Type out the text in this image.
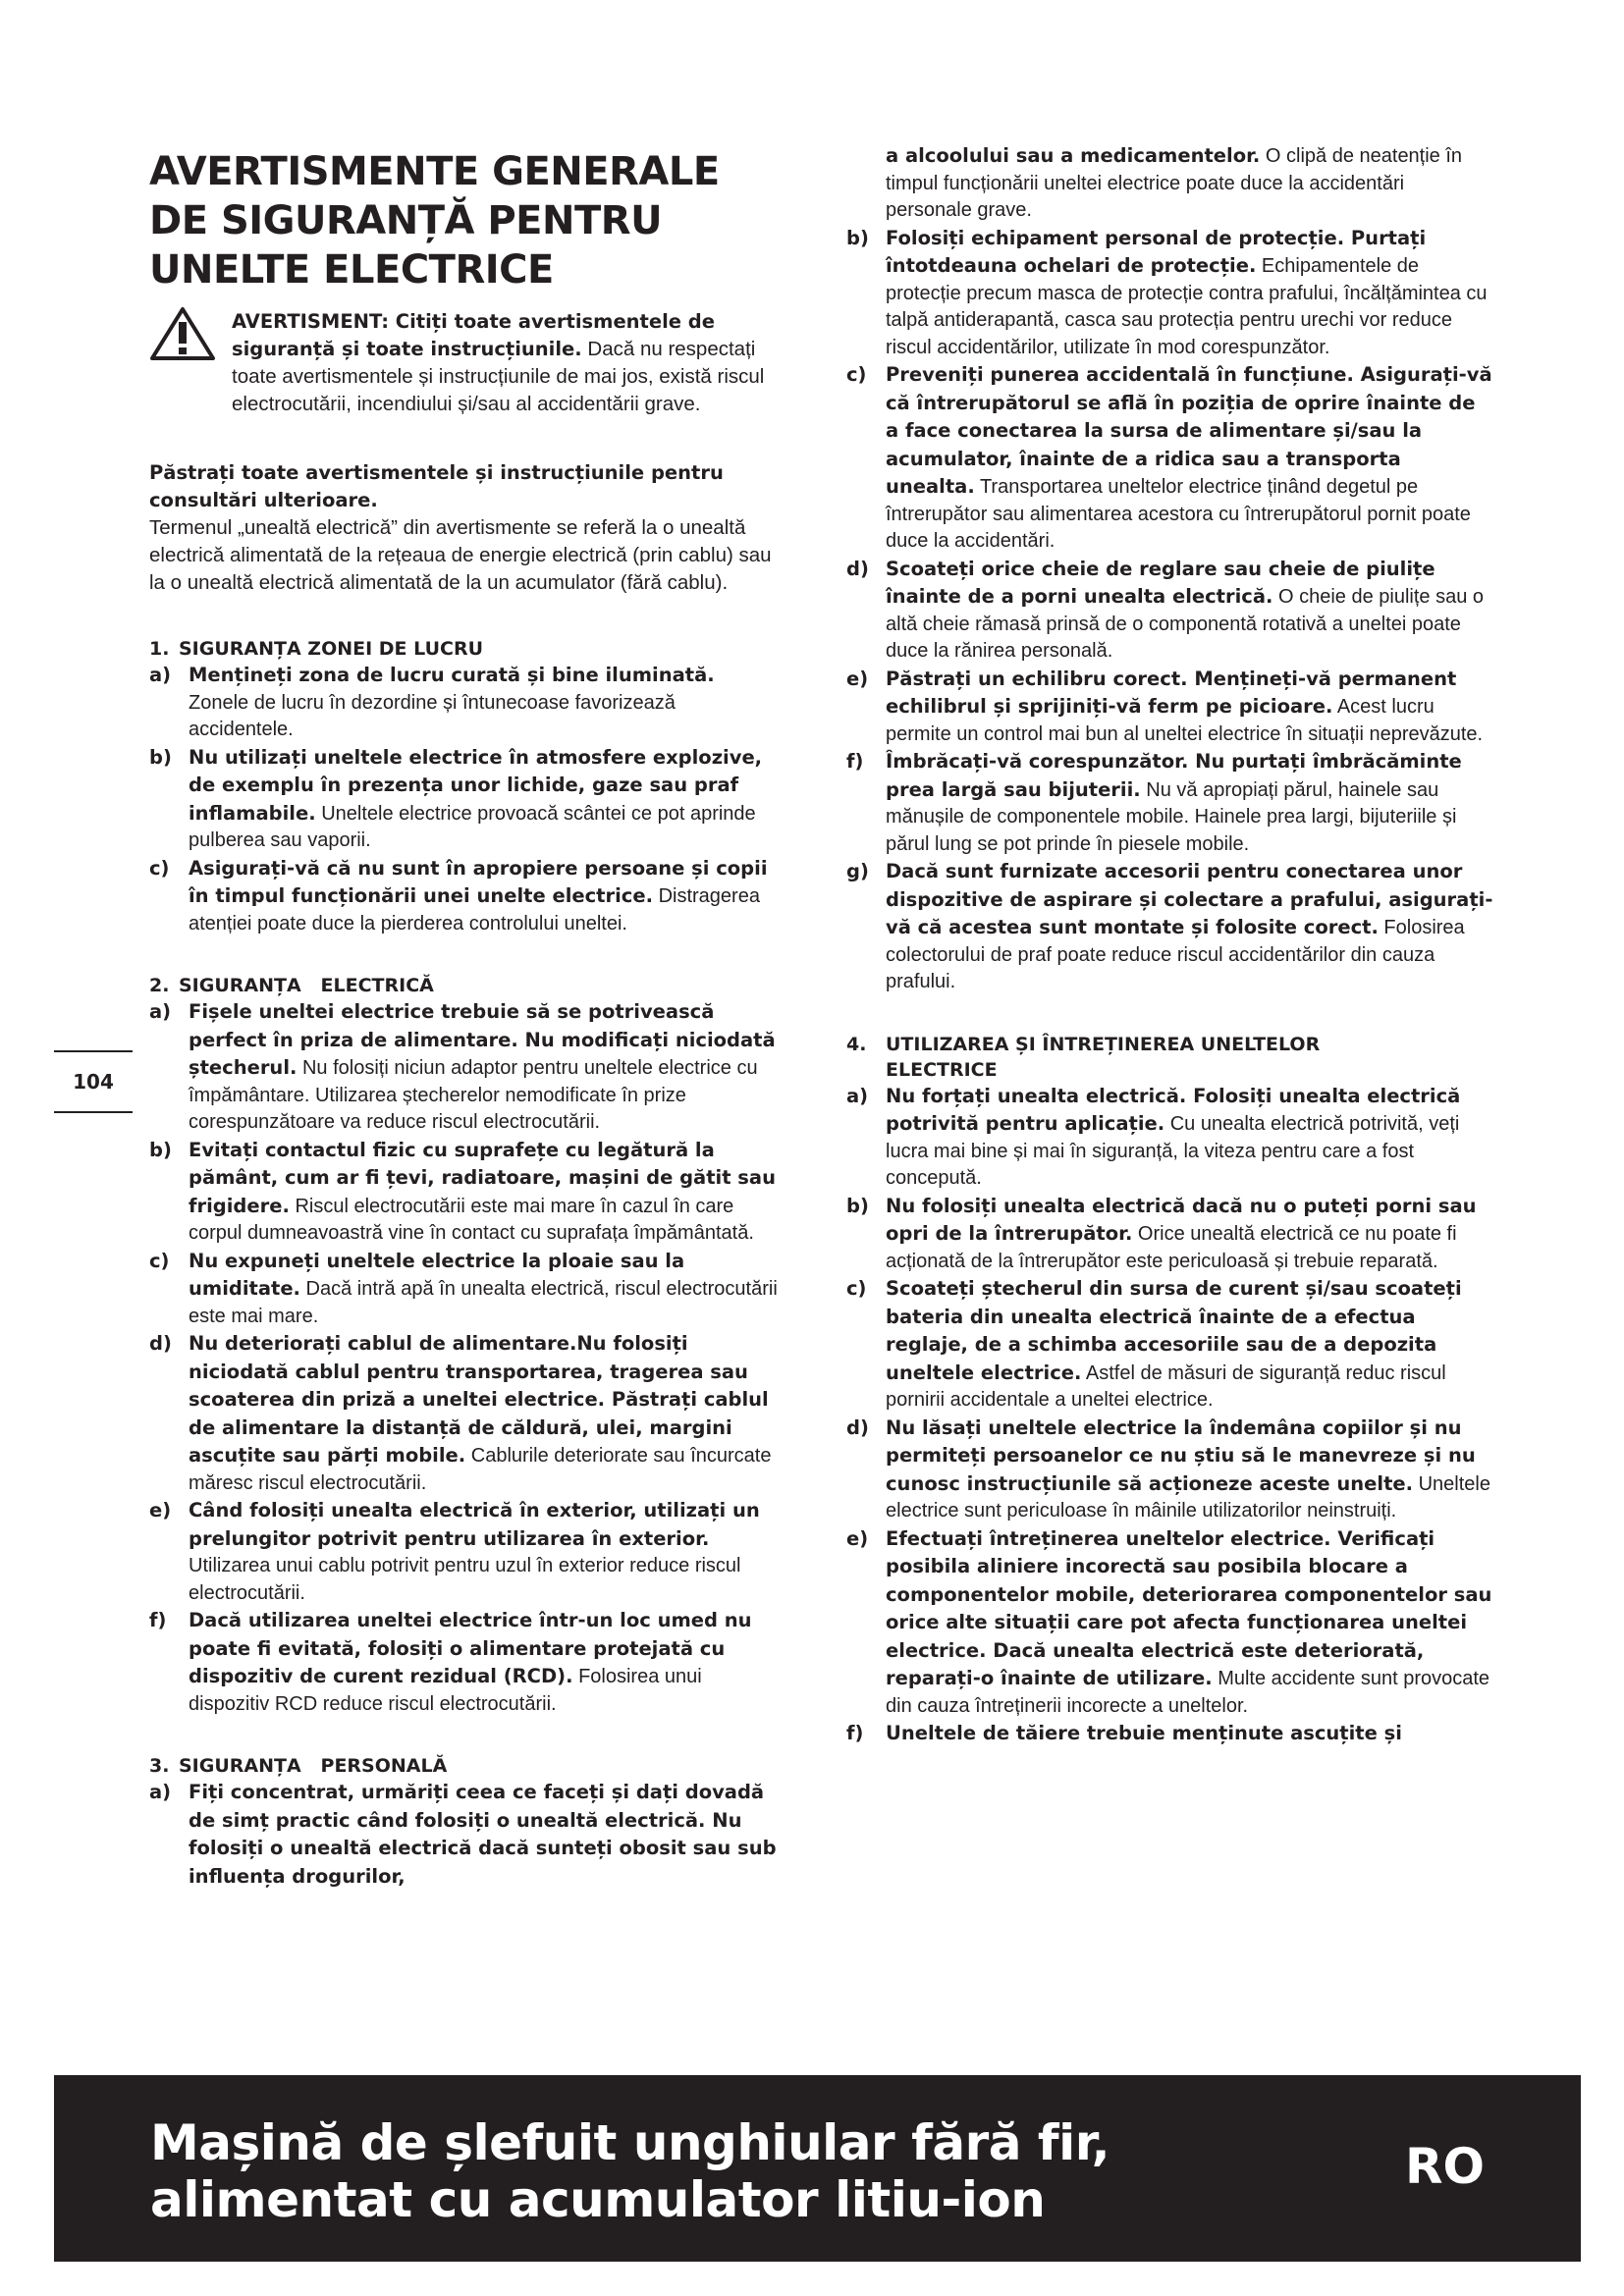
AVERTISMENTE GENERALE DE SIGURANȚĂ PENTRU UNELTE ELECTRICE

AVERTISMENT: Citiți toate avertismentele de siguranță și toate instrucțiunile. Dacă nu respectați toate avertismentele și instrucțiunile de mai jos, există riscul electrocutării, incendiului și/sau al accidentării grave.

Păstrați toate avertismentele și instrucțiunile pentru consultări ulterioare.
Termenul „unealtă electrică” din avertismente se referă la o unealtă electrică alimentată de la rețeaua de energie electrică (prin cablu) sau la o unealtă electrică alimentată de la un acumulator (fără cablu).

1. SIGURANȚA ZONEI DE LUCRU

a) Mențineți zona de lucru curată și bine iluminată. Zonele de lucru în dezordine și întunecoase favorizează accidentele.

b) Nu utilizați uneltele electrice în atmosfere explozive, de exemplu în prezența unor lichide, gaze sau praf inflamabile. Uneltele electrice provoacă scântei ce pot aprinde pulberea sau vaporii.

c) Asigurați-vă că nu sunt în apropiere persoane și copii în timpul funcționării unei unelte electrice. Distragerea atenției poate duce la pierderea controlului uneltei.

2. SIGURANȚA   ELECTRICĂ

a) Fișele uneltei electrice trebuie să se potrivească perfect în priza de alimentare. Nu modificați niciodată ștecherul. Nu folosiți niciun adaptor pentru uneltele electrice cu împământare. Utilizarea ștecherelor nemodificate în prize corespunzătoare va reduce riscul electrocutării.

b) Evitați contactul fizic cu suprafețe cu legătură la pământ, cum ar fi țevi, radiatoare, mașini de gătit sau frigidere. Riscul electrocutării este mai mare în cazul în care corpul dumneavoastră vine în contact cu suprafața împământată.

c) Nu expuneți uneltele electrice la ploaie sau la umiditate. Dacă intră apă în unealta electrică, riscul electrocutării este mai mare.

d) Nu deteriorați cablul de alimentare.Nu folosiți niciodată cablul pentru transportarea, tragerea sau scoaterea din priză a uneltei electrice. Păstrați cablul de alimentare la distanță de căldură, ulei, margini ascuțite sau părți mobile. Cablurile deteriorate sau încurcate măresc riscul electrocutării.

e) Când folosiți unealta electrică în exterior, utilizați un prelungitor potrivit pentru utilizarea în exterior. Utilizarea unui cablu potrivit pentru uzul în exterior reduce riscul electrocutării.

f) Dacă utilizarea uneltei electrice într-un loc umed nu poate fi evitată, folosiți o alimentare protejată cu dispozitiv de curent rezidual (RCD). Folosirea unui dispozitiv RCD reduce riscul electrocutării.

3. SIGURANȚA   PERSONALĂ

a) Fiți concentrat, urmăriți ceea ce faceți și dați dovadă de simț practic când folosiți o unealtă electrică. Nu folosiți o unealtă electrică dacă sunteți obosit sau sub influența drogurilor,

a alcoolului sau a medicamentelor. O clipă de neatenție în timpul funcționării uneltei electrice poate duce la accidentări personale grave.

b) Folosiți echipament personal de protecție. Purtați întotdeauna ochelari de protecție. Echipamentele de protecție precum masca de protecție contra prafului, încălțămintea cu talpă antiderapantă, casca sau protecția pentru urechi vor reduce riscul accidentărilor, utilizate în mod corespunzător.

c) Preveniți punerea accidentală în funcțiune. Asigurați-vă că întrerupătorul se află în poziția de oprire înainte de a face conectarea la sursa de alimentare și/sau la acumulator, înainte de a ridica sau a transporta unealta. Transportarea uneltelor electrice ținând degetul pe întrerupător sau alimentarea acestora cu întrerupătorul pornit poate duce la accidentări.

d) Scoateți orice cheie de reglare sau cheie de piulițe înainte de a porni unealta electrică. O cheie de piulițe sau o altă cheie rămasă prinsă de o componentă rotativă a uneltei poate duce la rănirea personală.

e) Păstrați un echilibru corect. Mențineți-vă permanent echilibrul și sprijiniți-vă ferm pe picioare. Acest lucru permite un control mai bun al uneltei electrice în situații neprevăzute.

f) Îmbrăcați-vă corespunzător. Nu purtați îmbrăcăminte prea largă sau bijuterii. Nu vă apropiați părul, hainele sau mănușile de componentele mobile. Hainele prea largi, bijuteriile și părul lung se pot prinde în piesele mobile.

g) Dacă sunt furnizate accesorii pentru conectarea unor dispozitive de aspirare și colectare a prafului, asigurați-vă că acestea sunt montate și folosite corect. Folosirea colectorului de praf poate reduce riscul accidentărilor din cauza prafului.

4. UTILIZAREA ȘI ÎNTREȚINEREA UNELTELOR

ELECTRICE

a) Nu forțați unealta electrică. Folosiți unealta electrică potrivită pentru aplicație. Cu unealta electrică potrivită, veți lucra mai bine și mai în siguranță, la viteza pentru care a fost concepută.

b) Nu folosiți unealta electrică dacă nu o puteți porni sau opri de la întrerupător. Orice unealtă electrică ce nu poate fi acționată de la întrerupător este periculoasă și trebuie reparată.

c) Scoateți ștecherul din sursa de curent și/sau scoateți bateria din unealta electrică înainte de a efectua reglaje, de a schimba accesoriile sau de a depozita uneltele electrice. Astfel de măsuri de siguranță reduc riscul pornirii accidentale a uneltei electrice.

d) Nu lăsați uneltele electrice la îndemâna copiilor și nu permiteți persoanelor ce nu știu să le manevreze și nu cunosc instrucțiunile să acționeze aceste unelte. Uneltele electrice sunt periculoase în mâinile utilizatorilor neinstruiți.

e) Efectuați întreținerea uneltelor electrice. Verificați posibila aliniere incorectă sau posibila blocare a componentelor mobile, deteriorarea componentelor sau orice alte situații care pot afecta funcționarea uneltei electrice. Dacă unealta electrică este deteriorată, reparați-o înainte de utilizare. Multe accidente sunt provocate din cauza întreținerii incorecte a uneltelor.

f) Uneltele de tăiere trebuie menținute ascuțite și

104

Mașină de șlefuit unghiular fără fir,
alimentat cu acumulator litiu-ion

RO
